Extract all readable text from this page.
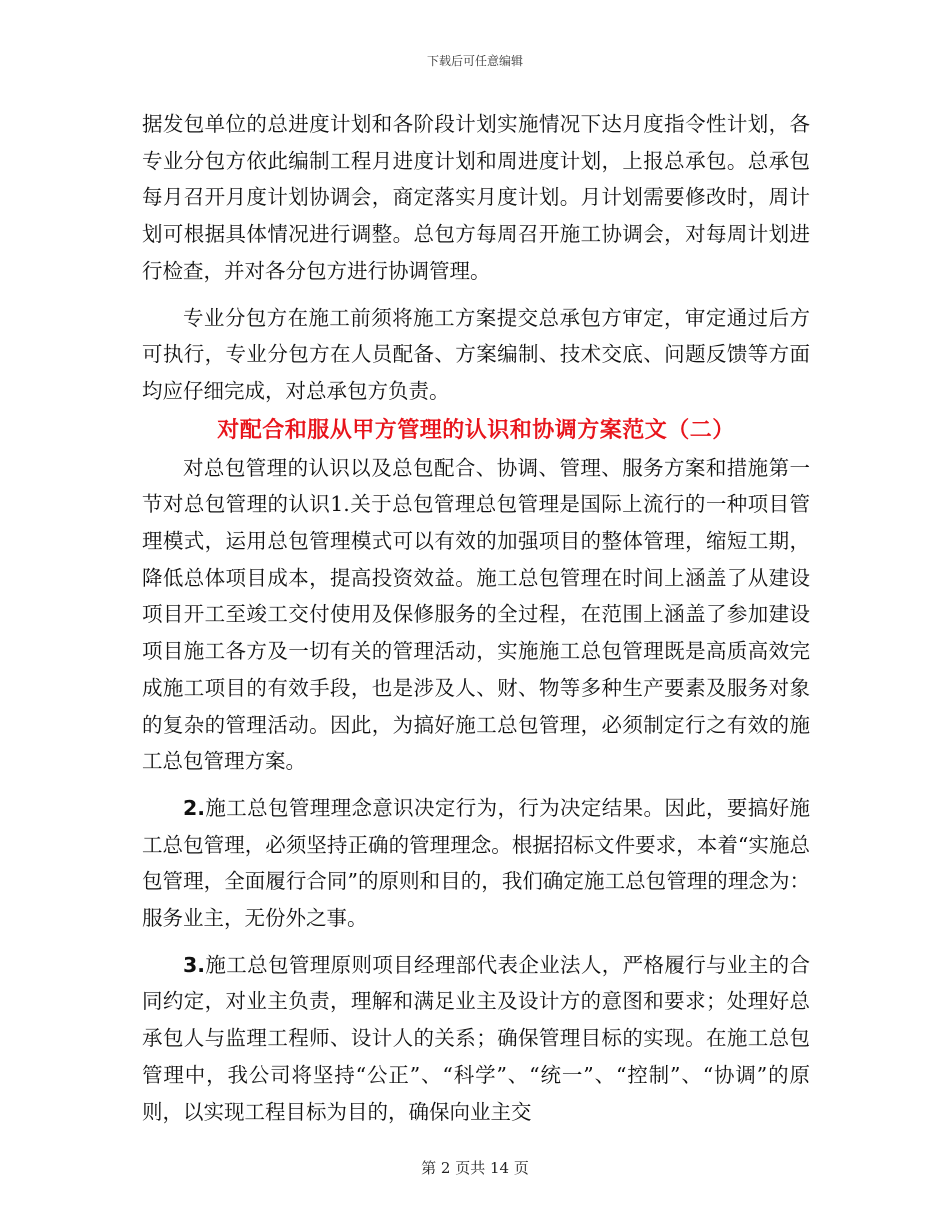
下载后可任意编辑

据发包单位的总进度计划和各阶段计划实施情况下达月度指令性计划，各专业分包方依此编制工程月进度计划和周进度计划，上报总承包。总承包每月召开月度计划协调会，商定落实月度计划。月计划需要修改时，周计划可根据具体情况进行调整。总包方每周召开施工协调会，对每周计划进行检查，并对各分包方进行协调管理。

专业分包方在施工前须将施工方案提交总承包方审定，审定通过后方可执行，专业分包方在人员配备、方案编制、技术交底、问题反馈等方面均应仔细完成，对总承包方负责。

对配合和服从甲方管理的认识和协调方案范文（二）

对总包管理的认识以及总包配合、协调、管理、服务方案和措施第一节对总包管理的认识1.关于总包管理总包管理是国际上流行的一种项目管理模式，运用总包管理模式可以有效的加强项目的整体管理，缩短工期，降低总体项目成本，提高投资效益。施工总包管理在时间上涵盖了从建设项目开工至竣工交付使用及保修服务的全过程，在范围上涵盖了参加建设项目施工各方及一切有关的管理活动，实施施工总包管理既是高质高效完成施工项目的有效手段，也是涉及人、财、物等多种生产要素及服务对象的复杂的管理活动。因此，为搞好施工总包管理，必须制定行之有效的施工总包管理方案。

2.施工总包管理理念意识决定行为，行为决定结果。因此，要搞好施工总包管理，必须坚持正确的管理理念。根据招标文件要求，本着“实施总包管理，全面履行合同”的原则和目的，我们确定施工总包管理的理念为：服务业主，无份外之事。

3.施工总包管理原则项目经理部代表企业法人，严格履行与业主的合同约定，对业主负责，理解和满足业主及设计方的意图和要求；处理好总承包人与监理工程师、设计人的关系；确保管理目标的实现。在施工总包管理中，我公司将坚持“公正”、“科学”、“统一”、“控制”、“协调”的原则，以实现工程目标为目的，确保向业主交

第 2 页共 14 页
